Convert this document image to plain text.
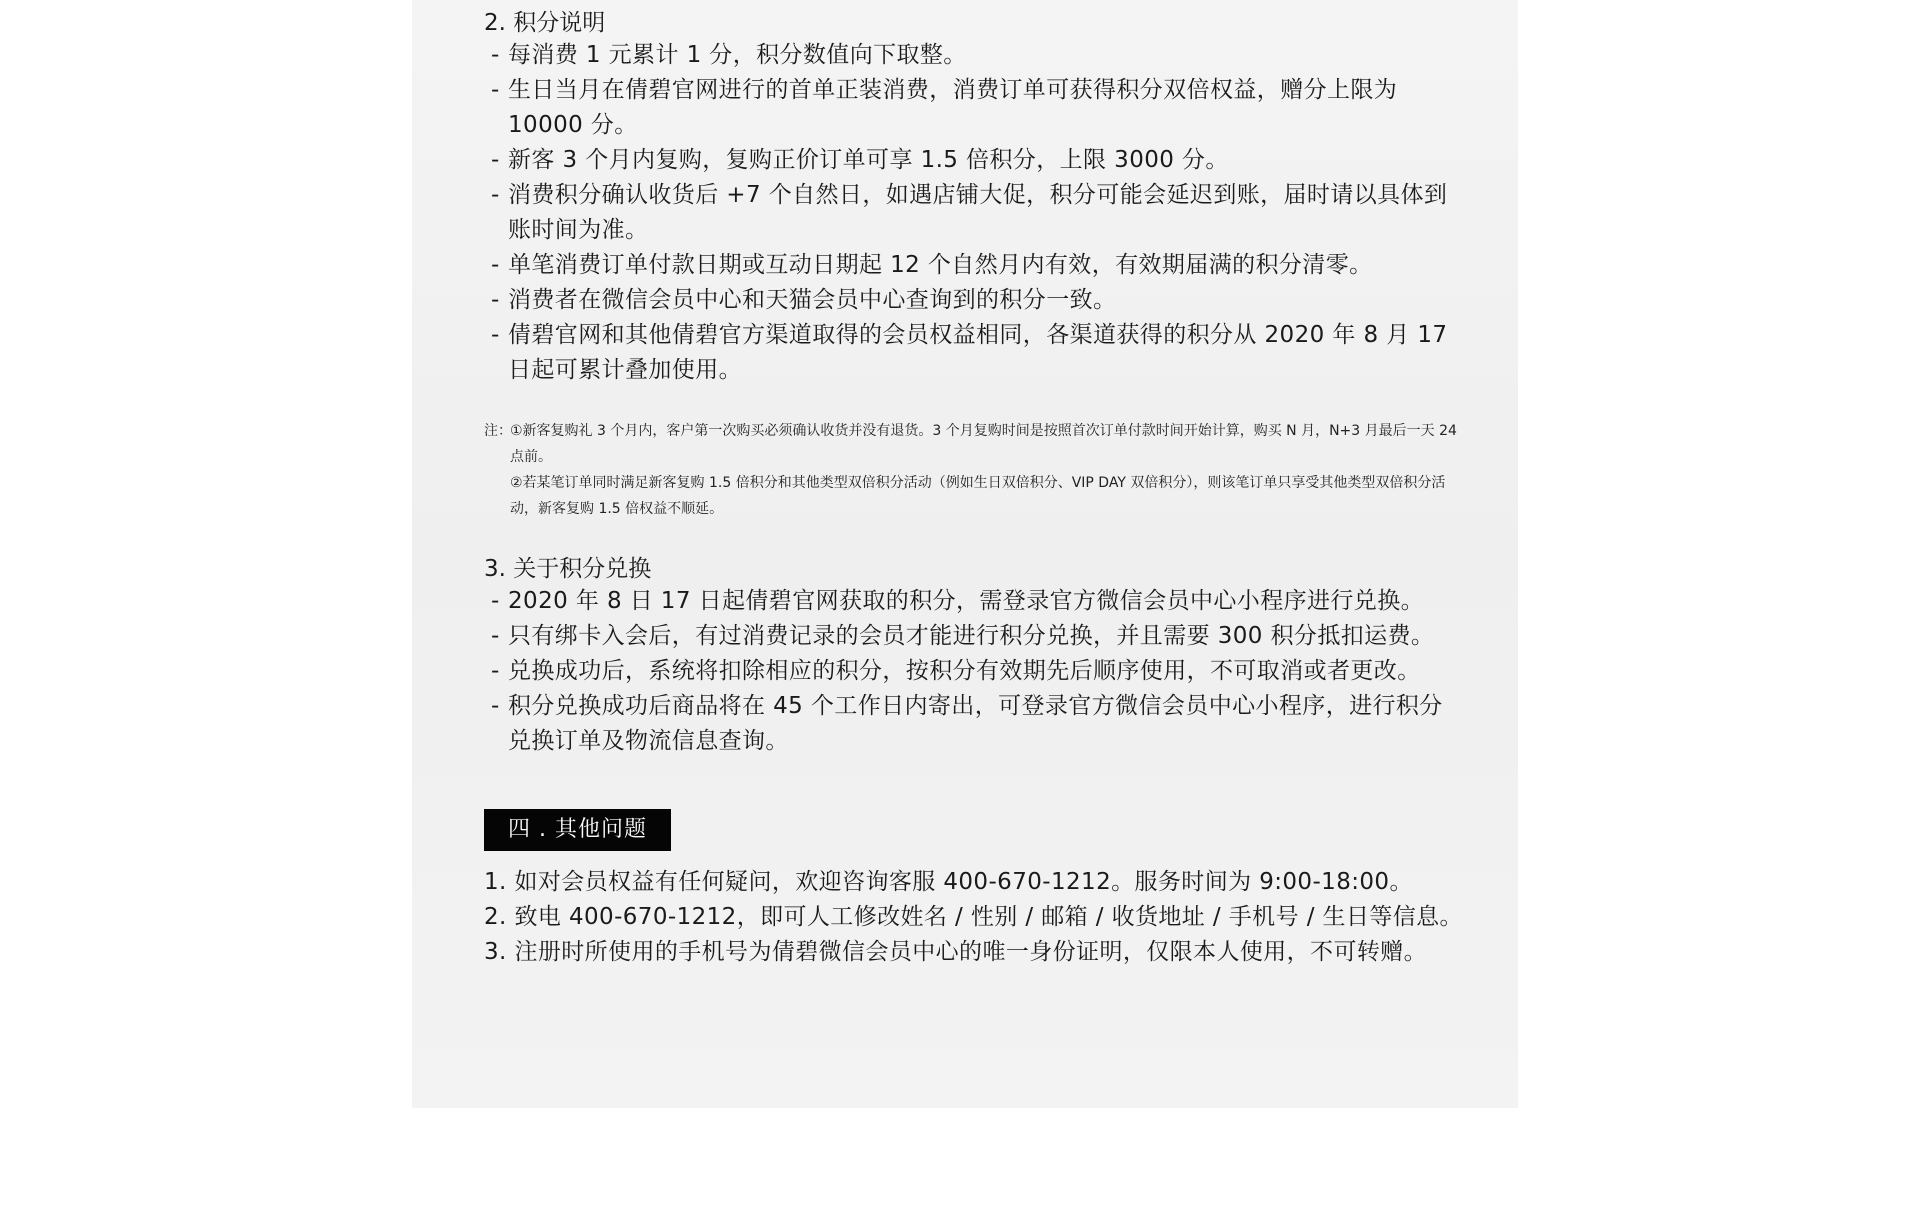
2. 积分说明
- 每消费 1 元累计 1 分，积分数值向下取整。
- 生日当月在倩碧官网进行的首单正装消费，消费订单可获得积分双倍权益，赠分上限为 10000 分。
- 新客 3 个月内复购，复购正价订单可享 1.5 倍积分，上限 3000 分。
- 消费积分确认收货后 +7 个自然日，如遇店铺大促，积分可能会延迟到账，届时请以具体到账时间为准。
- 单笔消费订单付款日期或互动日期起 12 个自然月内有效，有效期届满的积分清零。
- 消费者在微信会员中心和天猫会员中心查询到的积分一致。
- 倩碧官网和其他倩碧官方渠道取得的会员权益相同，各渠道获得的积分从 2020 年 8 月 17 日起可累计叠加使用。
注：
①新客复购礼 3 个月内，客户第一次购买必须确认收货并没有退货。3 个月复购时间是按照首次订单付款时间开始计算，购买 N 月，N+3 月最后一天 24 点前。
②若某笔订单同时满足新客复购 1.5 倍积分和其他类型双倍积分活动（例如生日双倍积分、VIP DAY 双倍积分），则该笔订单只享受其他类型双倍积分活动，新客复购 1.5 倍权益不顺延。
3. 关于积分兑换
- 2020 年 8 日 17 日起倩碧官网获取的积分，需登录官方微信会员中心小程序进行兑换。
- 只有绑卡入会后，有过消费记录的会员才能进行积分兑换，并且需要 300 积分抵扣运费。
- 兑换成功后，系统将扣除相应的积分，按积分有效期先后顺序使用，不可取消或者更改。
- 积分兑换成功后商品将在 45 个工作日内寄出，可登录官方微信会员中心小程序，进行积分兑换订单及物流信息查询。
四 . 其他问题
1. 如对会员权益有任何疑问，欢迎咨询客服 400-670-1212。服务时间为 9:00-18:00。
2. 致电 400-670-1212，即可人工修改姓名 / 性别 / 邮箱 / 收货地址 / 手机号 / 生日等信息。
3. 注册时所使用的手机号为倩碧微信会员中心的唯一身份证明，仅限本人使用，不可转赠。
